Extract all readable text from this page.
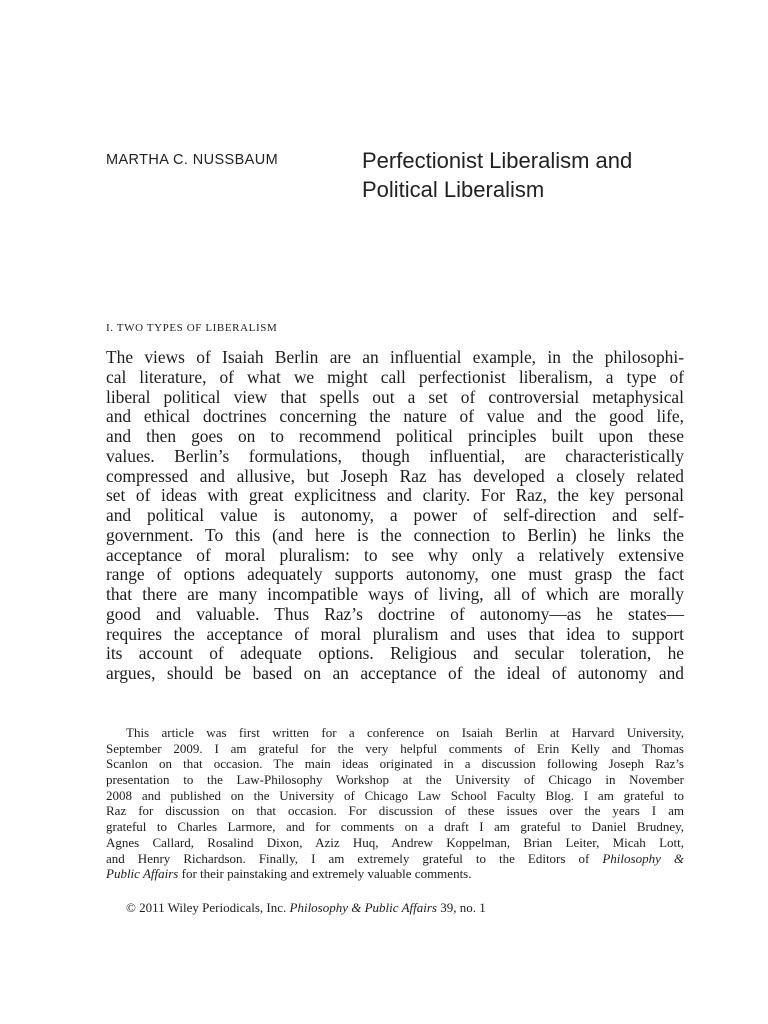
MARTHA C. NUSSBAUM	Perfectionist Liberalism and
Political Liberalism
I. TWO TYPES OF LIBERALISM
The views of Isaiah Berlin are an influential example, in the philosophi-
cal literature, of what we might call perfectionist liberalism, a type of
liberal political view that spells out a set of controversial metaphysical
and ethical doctrines concerning the nature of value and the good life,
and then goes on to recommend political principles built upon these
values. Berlin’s formulations, though influential, are characteristically
compressed and allusive, but Joseph Raz has developed a closely related
set of ideas with great explicitness and clarity. For Raz, the key personal
and political value is autonomy, a power of self-direction and self-
government. To this (and here is the connection to Berlin) he links the
acceptance of moral pluralism: to see why only a relatively extensive
range of options adequately supports autonomy, one must grasp the fact
that there are many incompatible ways of living, all of which are morally
good and valuable. Thus Raz’s doctrine of autonomy—as he states—
requires the acceptance of moral pluralism and uses that idea to support
its account of adequate options. Religious and secular toleration, he
argues, should be based on an acceptance of the ideal of autonomy and
This article was first written for a conference on Isaiah Berlin at Harvard University,
September 2009. I am grateful for the very helpful comments of Erin Kelly and Thomas
Scanlon on that occasion. The main ideas originated in a discussion following Joseph Raz’s
presentation to the Law-Philosophy Workshop at the University of Chicago in November
2008 and published on the University of Chicago Law School Faculty Blog. I am grateful to
Raz for discussion on that occasion. For discussion of these issues over the years I am
grateful to Charles Larmore, and for comments on a draft I am grateful to Daniel Brudney,
Agnes Callard, Rosalind Dixon, Aziz Huq, Andrew Koppelman, Brian Leiter, Micah Lott,
and Henry Richardson. Finally, I am extremely grateful to the Editors of Philosophy &
Public Affairs for their painstaking and extremely valuable comments.
© 2011 Wiley Periodicals, Inc. Philosophy & Public Affairs 39, no. 1
